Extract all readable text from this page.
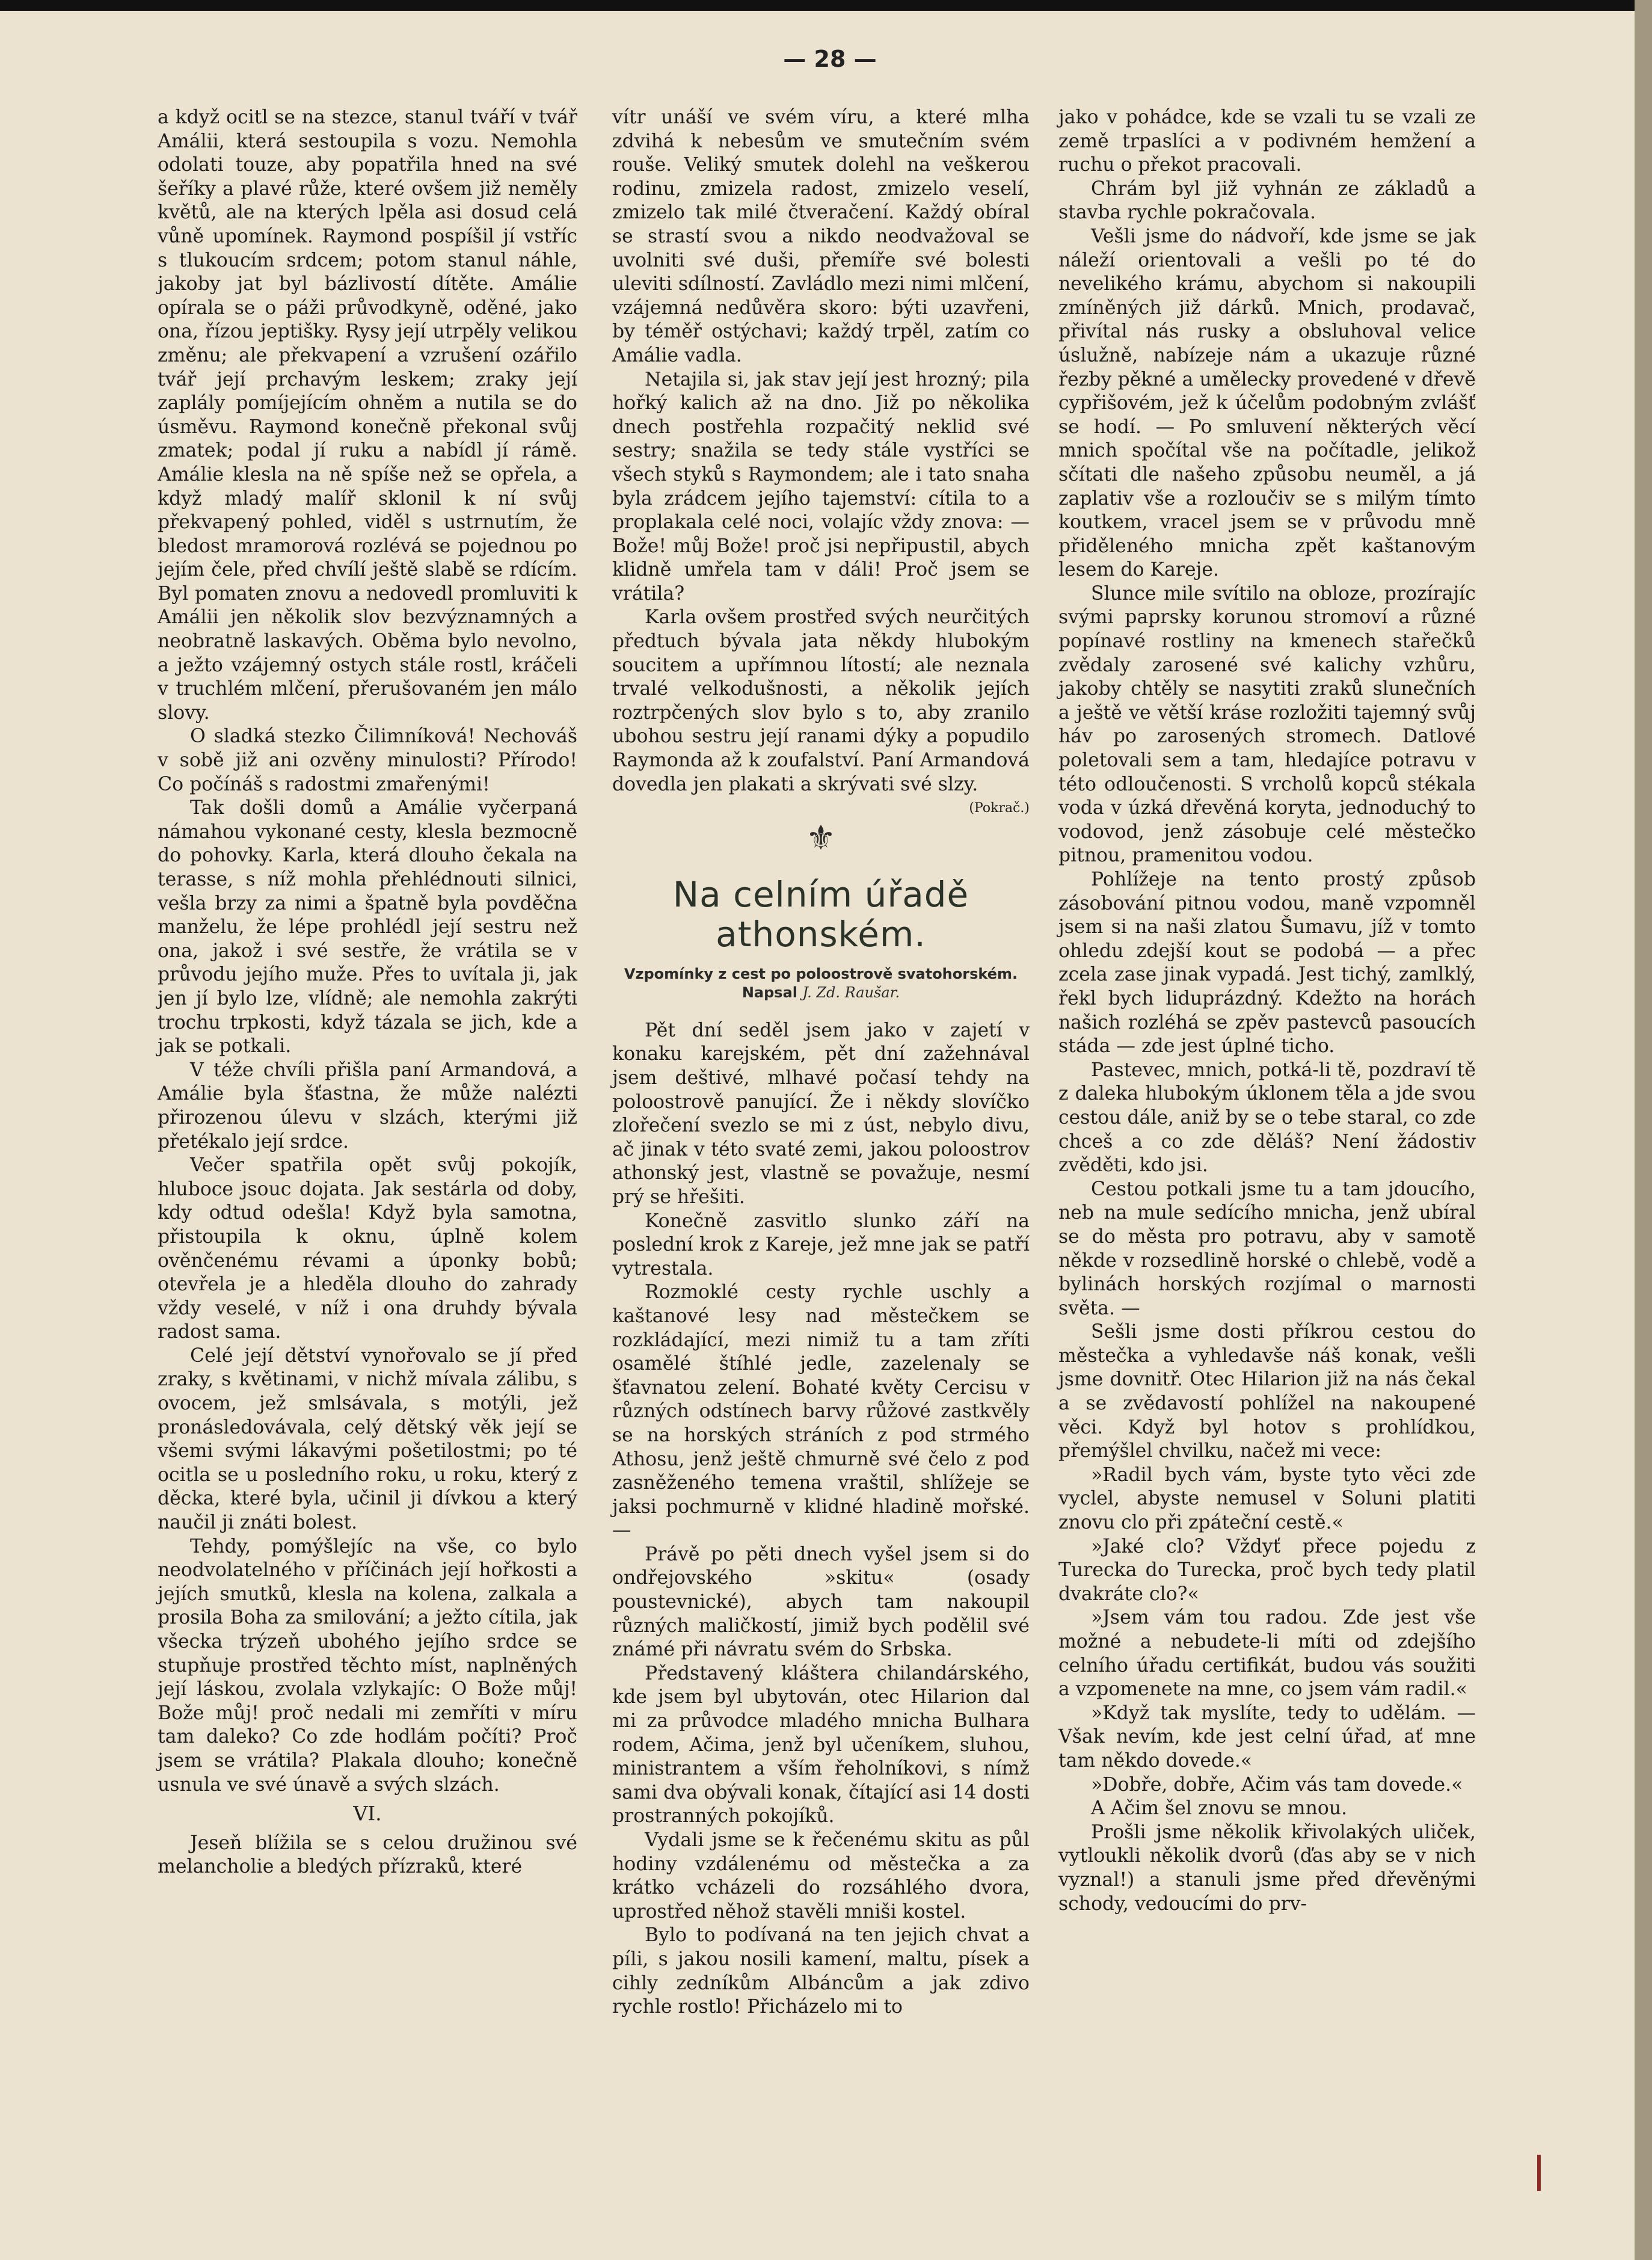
— 28 —

a když ocitl se na stezce, stanul tváří v tvář Amálii, která sestoupila s vozu. Nemohla odolati touze, aby popatřila hned na své šeříky a plavé růže, které ovšem již neměly květů, ale na kterých lpěla asi dosud celá vůně upomínek. Raymond pospíšil jí vstříc s tlukoucím srdcem; potom stanul náhle, jakoby jat byl bázlivostí dítěte. Amálie opírala se o páži průvodkyně, oděné, jako ona, řízou jeptišky. Rysy její utrpěly velikou změnu; ale překvapení a vzrušení ozářilo tvář její prchavým leskem; zraky její zaplály pomíjejícím ohněm a nutila se do úsměvu. Raymond konečně překonal svůj zmatek; podal jí ruku a nabídl jí rámě. Amálie klesla na ně spíše než se opřela, a když mladý malíř sklonil k ní svůj překvapený pohled, viděl s ustrnutím, že bledost mramorová rozlévá se pojednou po jejím čele, před chvílí ještě slabě se rdícím. Byl pomaten znovu a nedovedl promluviti k Amálii jen několik slov bezvýznamných a neobratně laskavých. Oběma bylo nevolno, a ježto vzájemný ostych stále rostl, kráčeli v truchlém mlčení, přerušovaném jen málo slovy.

O sladká stezko Čilimníková! Nechováš v sobě již ani ozvěny minulosti? Přírodo! Co počínáš s radostmi zmařenými!

Tak došli domů a Amálie vyčerpaná námahou vykonané cesty, klesla bezmocně do pohovky. Karla, která dlouho čekala na terasse, s níž mohla přehlédnouti silnici, vešla brzy za nimi a špatně byla povděčna manželu, že lépe prohlédl její sestru než ona, jakož i své sestře, že vrátila se v průvodu jejího muže. Přes to uvítala ji, jak jen jí bylo lze, vlídně; ale nemohla zakrýti trochu trpkosti, když tázala se jich, kde a jak se potkali.

V téže chvíli přišla paní Armandová, a Amálie byla šťastna, že může nalézti přirozenou úlevu v slzách, kterými již přetékalo její srdce.

Večer spatřila opět svůj pokojík, hluboce jsouc dojata. Jak sestárla od doby, kdy odtud odešla! Když byla samotna, přistoupila k oknu, úplně kolem ověnčenému révami a úponky bobů; otevřela je a hleděla dlouho do zahrady vždy veselé, v níž i ona druhdy bývala radost sama.

Celé její dětství vynořovalo se jí před zraky, s květinami, v nichž mívala zálibu, s ovocem, jež smlsávala, s motýli, jež pronásledovávala, celý dětský věk její se všemi svými lákavými pošetilostmi; po té ocitla se u posledního roku, u roku, který z děcka, které byla, učinil ji dívkou a který naučil ji znáti bolest.

Tehdy, pomýšlejíc na vše, co bylo neodvolatelného v příčinách její hořkosti a jejích smutků, klesla na kolena, zalkala a prosila Boha za smilování; a ježto cítila, jak všecka trýzeň ubohého jejího srdce se stupňuje prostřed těchto míst, naplněných její láskou, zvolala vzlykajíc: O Bože můj! Bože můj! proč nedali mi zemříti v míru tam daleko? Co zde hodlám počíti? Proč jsem se vrátila? Plakala dlouho; konečně usnula ve své únavě a svých slzách.

VI.

Jeseň blížila se s celou družinou své melancholie a bledých přízraků, které

vítr unáší ve svém víru, a které mlha zdvihá k nebesům ve smutečním svém rouše. Veliký smutek dolehl na veškerou rodinu, zmizela radost, zmizelo veselí, zmizelo tak milé čtveračení. Každý obíral se strastí svou a nikdo neodvažoval se uvolniti své duši, přemíře své bolesti uleviti sdílností. Zavládlo mezi nimi mlčení, vzájemná nedůvěra skoro: býti uzavřeni, by téměř ostýchavi; každý trpěl, zatím co Amálie vadla.

Netajila si, jak stav její jest hrozný; pila hořký kalich až na dno. Již po několika dnech postřehla rozpačitý neklid své sestry; snažila se tedy stále vystříci se všech styků s Raymondem; ale i tato snaha byla zrádcem jejího tajemství: cítila to a proplakala celé noci, volajíc vždy znova: — Bože! můj Bože! proč jsi nepřipustil, abych klidně umřela tam v dáli! Proč jsem se vrátila?

Karla ovšem prostřed svých neurčitých předtuch bývala jata někdy hlubokým soucitem a upřímnou lítostí; ale neznala trvalé velkodušnosti, a několik jejích roztrpčených slov bylo s to, aby zranilo ubohou sestru její ranami dýky a popudilo Raymonda až k zoufalství. Paní Armandová dovedla jen plakati a skrývati své slzy.
(Pokrač.)

⚜
Na celním úřadě athonském.
Vzpomínky z cest po poloostrově svatohorském. Napsal J. Zd. Raušar.

Pět dní seděl jsem jako v zajetí v konaku karejském, pět dní zažehnával jsem deštivé, mlhavé počasí tehdy na poloostrově panující. Že i někdy slovíčko zlořečení svezlo se mi z úst, nebylo divu, ač jinak v této svaté zemi, jakou poloostrov athonský jest, vlastně se považuje, nesmí prý se hřešiti.

Konečně zasvitlo slunko září na poslední krok z Kareje, jež mne jak se patří vytrestala.

Rozmoklé cesty rychle uschly a kaštanové lesy nad městečkem se rozkládající, mezi nimiž tu a tam zříti osamělé štíhlé jedle, zazelenaly se šťavnatou zelení. Bohaté květy Cercisu v různých odstínech barvy růžové zastkvěly se na horských stráních z pod strmého Athosu, jenž ještě chmurně své čelo z pod zasněženého temena vraštil, shlížeje se jaksi pochmurně v klidné hladině mořské. —

Právě po pěti dnech vyšel jsem si do ondřejovského »skitu« (osady poustevnické), abych tam nakoupil různých maličkostí, jimiž bych podělil své známé při návratu svém do Srbska.

Představený kláštera chilandárského, kde jsem byl ubytován, otec Hilarion dal mi za průvodce mladého mnicha Bulhara rodem, Ačima, jenž byl učeníkem, sluhou, ministrantem a vším řeholníkovi, s nímž sami dva obývali konak, čítající asi 14 dosti prostranných pokojíků.

Vydali jsme se k řečenému skitu as půl hodiny vzdálenému od městečka a za krátko vcházeli do rozsáhlého dvora, uprostřed něhož stavěli mniši kostel.

Bylo to podívaná na ten jejich chvat a píli, s jakou nosili kamení, maltu, písek a cihly zedníkům Albáncům a jak zdivo rychle rostlo! Přicházelo mi to

jako v pohádce, kde se vzali tu se vzali ze země trpaslíci a v podivném hemžení a ruchu o překot pracovali.

Chrám byl již vyhnán ze základů a stavba rychle pokračovala.

Vešli jsme do nádvoří, kde jsme se jak náleží orientovali a vešli po té do nevelikého krámu, abychom si nakoupili zmíněných již dárků. Mnich, prodavač, přivítal nás rusky a obsluhoval velice úslužně, nabízeje nám a ukazuje různé řezby pěkné a umělecky provedené v dřevě cypřišovém, jež k účelům podobným zvlášť se hodí. — Po smluvení některých věcí mnich spočítal vše na počítadle, jelikož sčítati dle našeho způsobu neuměl, a já zaplativ vše a rozloučiv se s milým tímto koutkem, vracel jsem se v průvodu mně přiděleného mnicha zpět kaštanovým lesem do Kareje.

Slunce mile svítilo na obloze, prozírajíc svými paprsky korunou stromoví a různé popínavé rostliny na kmenech stařečků zvědaly zarosené své kalichy vzhůru, jakoby chtěly se nasytiti zraků slunečních a ještě ve větší kráse rozložiti tajemný svůj háv po zarosených stromech. Datlové poletovali sem a tam, hledajíce potravu v této odloučenosti. S vrcholů kopců stékala voda v úzká dřevěná koryta, jednoduchý to vodovod, jenž zásobuje celé městečko pitnou, pramenitou vodou.

Pohlížeje na tento prostý způsob zásobování pitnou vodou, maně vzpomněl jsem si na naši zlatou Šumavu, jíž v tomto ohledu zdejší kout se podobá — a přec zcela zase jinak vypadá. Jest tichý, zamlklý, řekl bych liduprázdný. Kdežto na horách našich rozléhá se zpěv pastevců pasoucích stáda — zde jest úplné ticho.

Pastevec, mnich, potká-li tě, pozdraví tě z daleka hlubokým úklonem těla a jde svou cestou dále, aniž by se o tebe staral, co zde chceš a co zde děláš? Není žádostiv zvěděti, kdo jsi.

Cestou potkali jsme tu a tam jdoucího, neb na mule sedícího mnicha, jenž ubíral se do města pro potravu, aby v samotě někde v rozsedlině horské o chlebě, vodě a bylinách horských rozjímal o marnosti světa. —

Sešli jsme dosti příkrou cestou do městečka a vyhledavše náš konak, vešli jsme dovnitř. Otec Hilarion již na nás čekal a se zvědavostí pohlížel na nakoupené věci. Když byl hotov s prohlídkou, přemýšlel chvilku, načež mi vece:

»Radil bych vám, byste tyto věci zde vyclel, abyste nemusel v Soluni platiti znovu clo při zpáteční cestě.«

»Jaké clo? Vždyť přece pojedu z Turecka do Turecka, proč bych tedy platil dvakráte clo?«

»Jsem vám tou radou. Zde jest vše možné a nebudete-li míti od zdejšího celního úřadu certifikát, budou vás soužiti a vzpomenete na mne, co jsem vám radil.«

»Když tak myslíte, tedy to udělám. — Však nevím, kde jest celní úřad, ať mne tam někdo dovede.«

»Dobře, dobře, Ačim vás tam dovede.«

A Ačim šel znovu se mnou.

Prošli jsme několik křivolakých uliček, vytloukli několik dvorů (ďas aby se v nich vyznal!) a stanuli jsme před dřevěnými schody, vedoucími do prv-
